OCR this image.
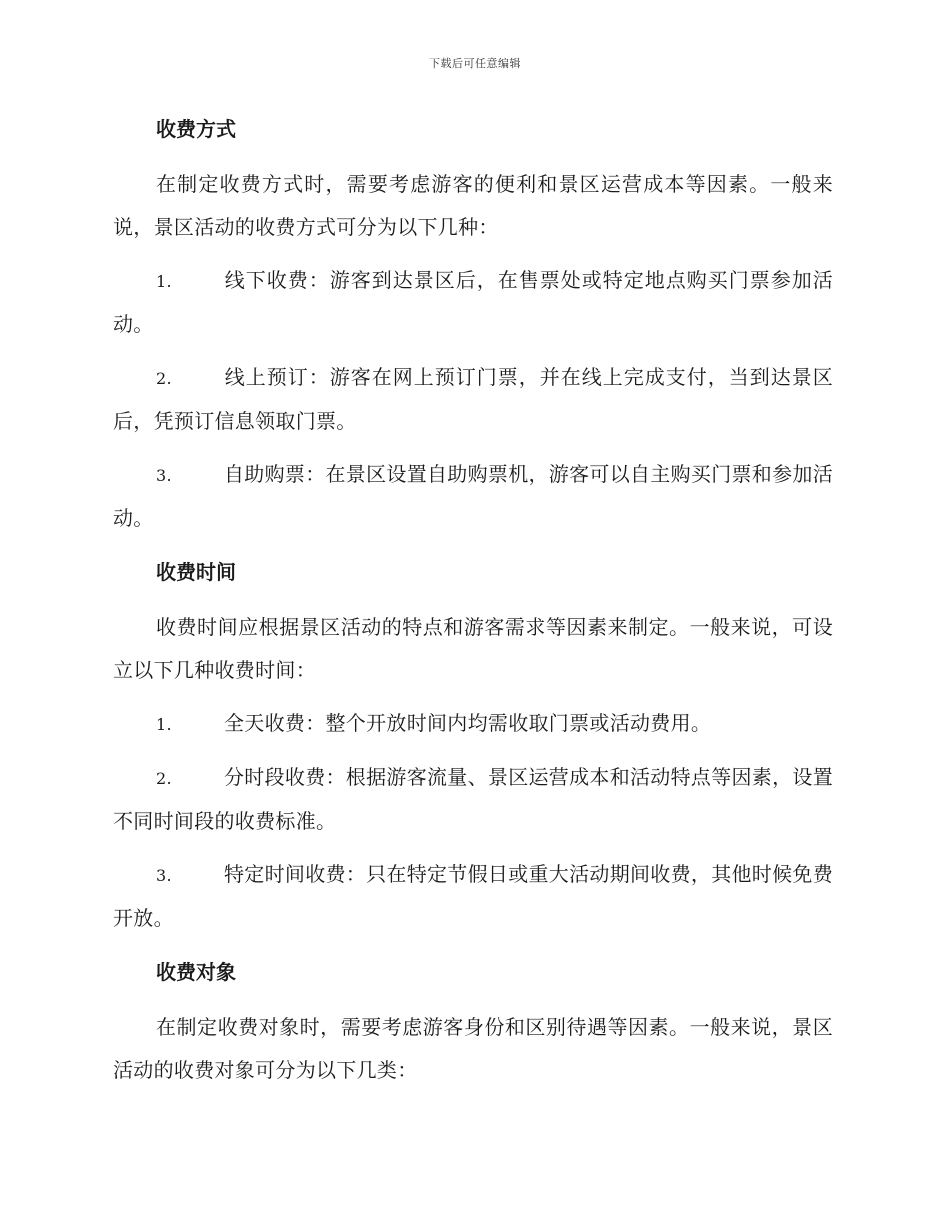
下载后可任意编辑
收费方式

在制定收费方式时，需要考虑游客的便利和景区运营成本等因素。一般来说，景区活动的收费方式可分为以下几种：

1.	线下收费：游客到达景区后，在售票处或特定地点购买门票参加活动。

2.	线上预订：游客在网上预订门票，并在线上完成支付，当到达景区后，凭预订信息领取门票。

3.	自助购票：在景区设置自助购票机，游客可以自主购买门票和参加活动。

收费时间

收费时间应根据景区活动的特点和游客需求等因素来制定。一般来说，可设立以下几种收费时间：

1.	全天收费：整个开放时间内均需收取门票或活动费用。

2.	分时段收费：根据游客流量、景区运营成本和活动特点等因素，设置不同时间段的收费标准。

3.	特定时间收费：只在特定节假日或重大活动期间收费，其他时候免费开放。

收费对象

在制定收费对象时，需要考虑游客身份和区别待遇等因素。一般来说，景区活动的收费对象可分为以下几类：
